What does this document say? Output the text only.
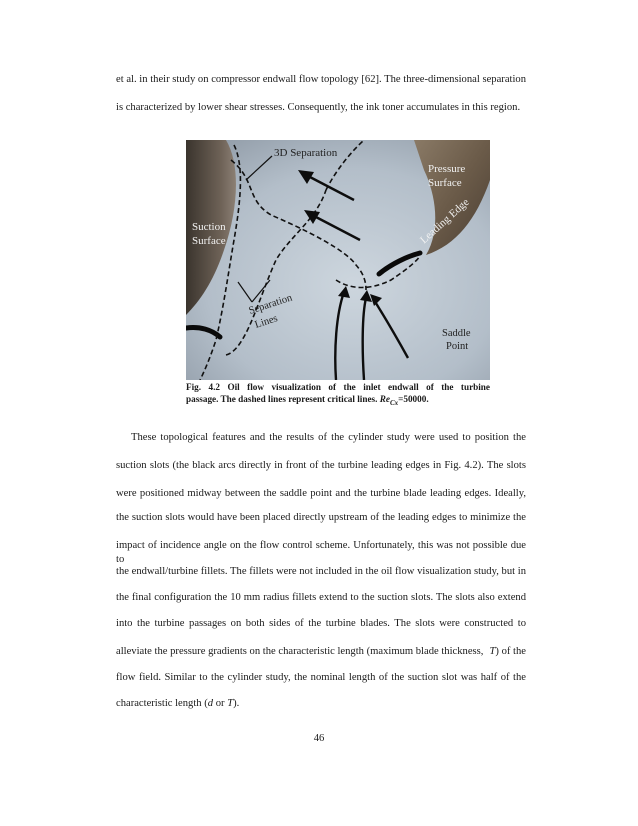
et al. in their study on compressor endwall flow topology [62]. The three-dimensional separation
is characterized by lower shear stresses. Consequently, the ink toner accumulates in this region.
3D Separation
Pressure
Surface
Leading Edge
Suction
Surface
Separation
Lines
Saddle
Point
Fig. 4.2 Oil flow visualization of the inlet endwall of the turbine
passage. The dashed lines represent critical lines. $Re_{Cx}=50000$.
These topological features and the results of the cylinder study were used to position the
suction slots (the black arcs directly in front of the turbine leading edges in Fig. 4.2). The slots
were positioned midway between the saddle point and the turbine blade leading edges. Ideally,
the suction slots would have been placed directly upstream of the leading edges to minimize the
impact of incidence angle on the flow control scheme. Unfortunately, this was not possible due to
the endwall/turbine fillets. The fillets were not included in the oil flow visualization study, but in
the final configuration the 10 mm radius fillets extend to the suction slots. The slots also extend
into the turbine passages on both sides of the turbine blades. The slots were constructed to
alleviate the pressure gradients on the characteristic length (maximum blade thickness, T) of the
flow field. Similar to the cylinder study, the nominal length of the suction slot was half of the
characteristic length (d or T).
46
